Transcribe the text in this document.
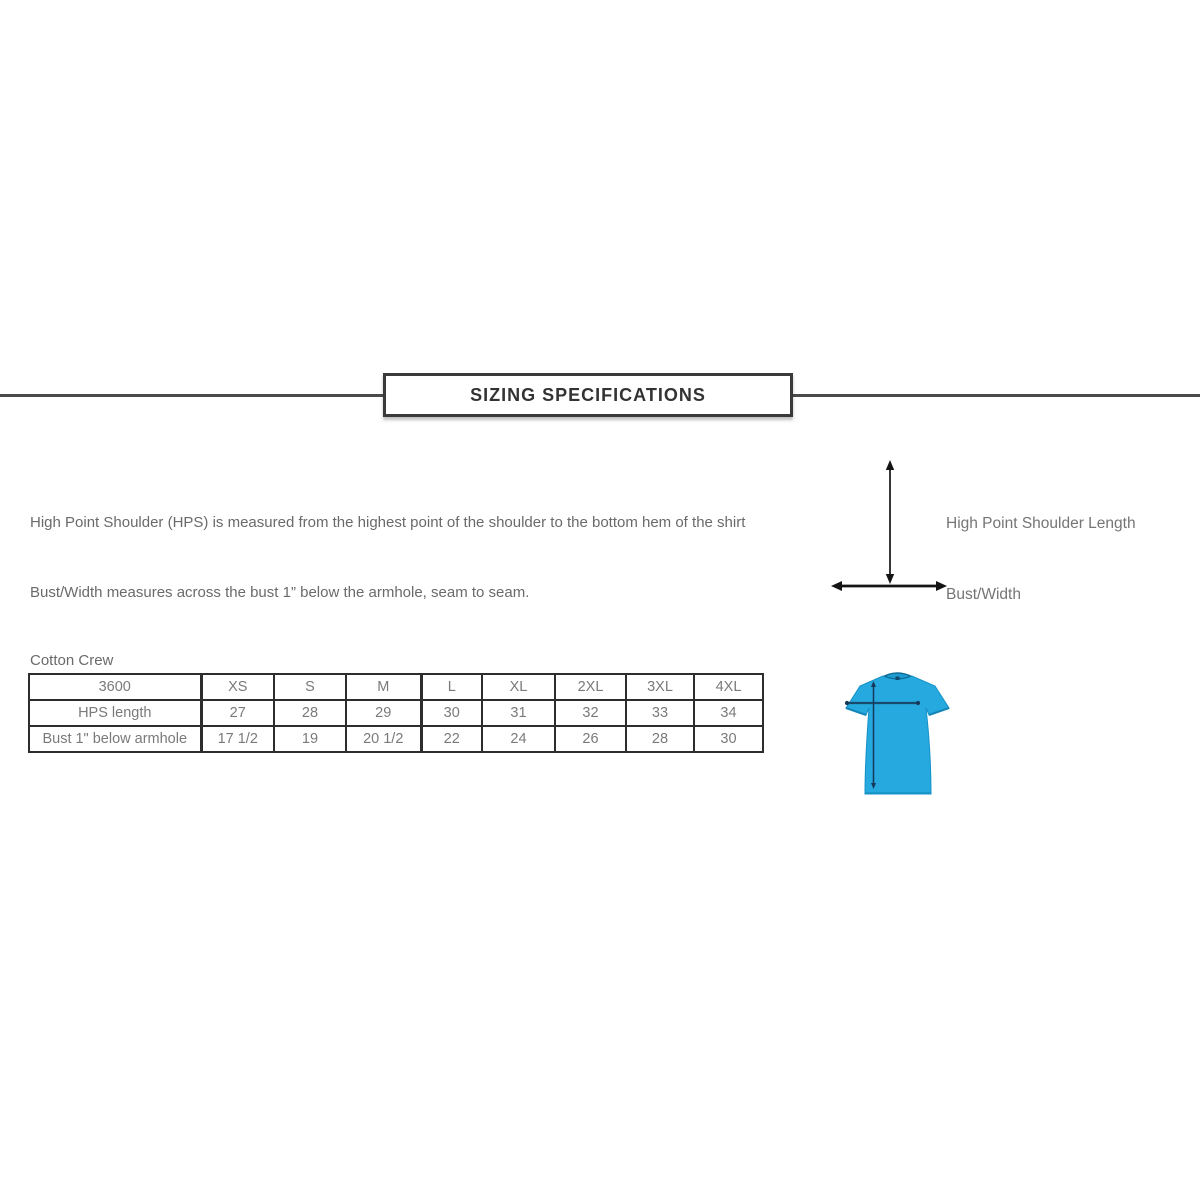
SIZING SPECIFICATIONS
High Point Shoulder (HPS) is measured from the highest point of the shoulder to the bottom hem of the shirt
Bust/Width measures across the bust 1” below the armhole, seam to seam.
High Point Shoulder Length
Bust/Width
Cotton Crew
3600	XS	S	M	L	XL	2XL	3XL	4XL
HPS length	27	28	29	30	31	32	33	34
Bust 1" below armhole	17 1/2	19	20 1/2	22	24	26	28	30
